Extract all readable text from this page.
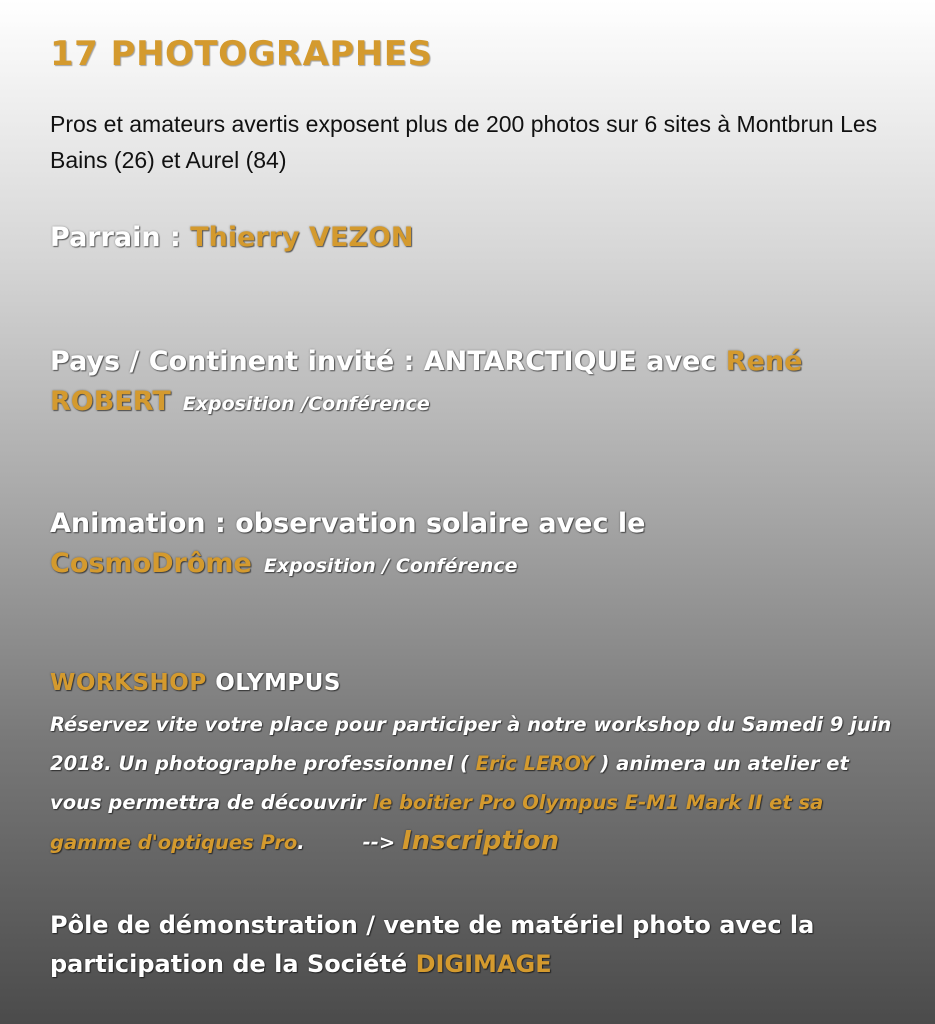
17 PHOTOGRAPHES

Pros et amateurs avertis exposent plus de 200 photos sur 6 sites à Montbrun Les Bains (26) et Aurel (84)

Parrain : Thierry VEZON
Pays / Continent invité : ANTARCTIQUE avec René ROBERT Exposition /Conférence
Animation : observation solaire avec le CosmoDrôme Exposition / Conférence
WORKSHOP OLYMPUS
Réservez vite votre place pour participer à notre workshop du Samedi 9 juin 2018. Un photographe professionnel ( Eric LEROY ) animera un atelier et vous permettra de découvrir le boitier Pro Olympus E-M1 Mark II et sa gamme d'optiques Pro.	--> Inscription
Pôle de démonstration / vente de matériel photo avec la participation de la Société DIGIMAGE
